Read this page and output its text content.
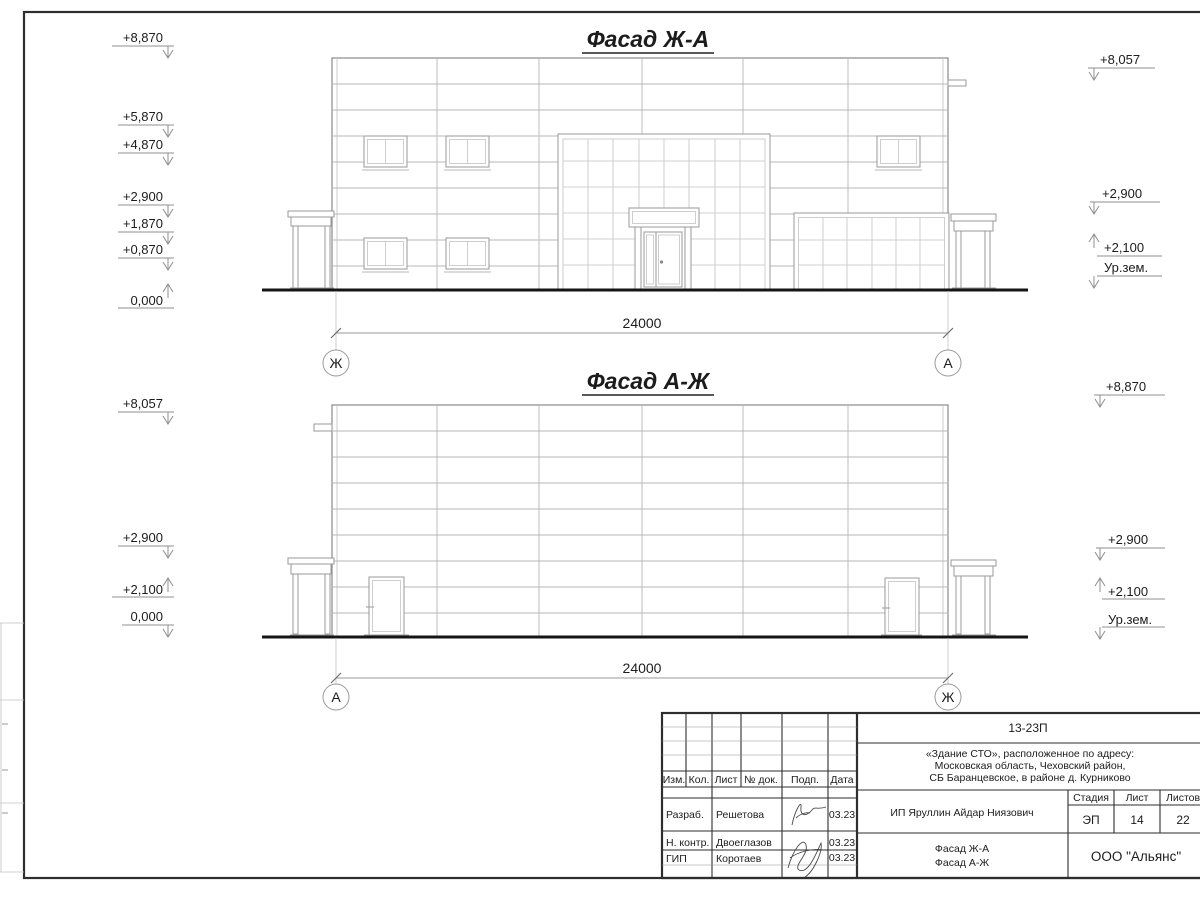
Фасад Ж-А
24000
Ж	А
+8,870
+5,870
+4,870
+2,900
+1,870
+0,870
0,000
+8,057
+2,900
+2,100
Ур.зем.
Фасад А-Ж
24000
А	Ж
+8,057
+2,900
+2,100
0,000
+8,870
+2,900
+2,100
Ур.зем.
13-23П
«Здание СТО», расположенное по адресу:
Московская область, Чеховский район,
СБ Баранцевское, в районе д. Курниково
Изм. Кол. Лист № док. Подп. Дата
Разраб. Решетова	03.23
Н. контр. Двоеглазов	03.23
ГИП	Коротаев	03.23
ИП Яруллин Айдар Ниязович
Стадия Лист Листов
ЭП	14	22
Фасад Ж-А
Фасад А-Ж	ООО "Альянс"
